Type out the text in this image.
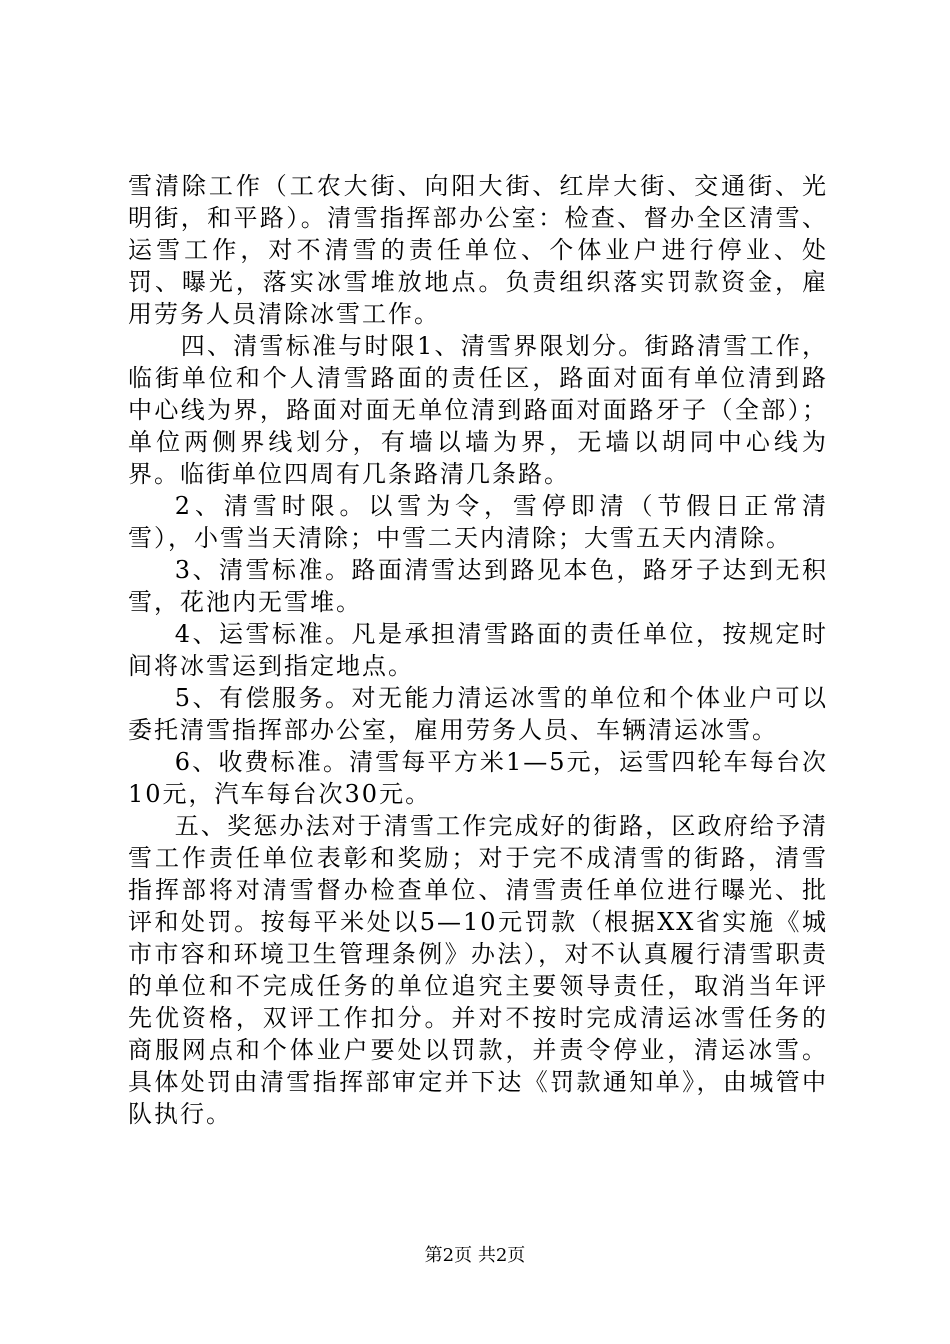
雪清除工作（工农大街、向阳大街、红岸大街、交通街、光明街，和平路）。清雪指挥部办公室：检查、督办全区清雪、运雪工作，对不清雪的责任单位、个体业户进行停业、处罚、曝光，落实冰雪堆放地点。负责组织落实罚款资金，雇用劳务人员清除冰雪工作。

四、清雪标准与时限1、清雪界限划分。街路清雪工作，临街单位和个人清雪路面的责任区，路面对面有单位清到路中心线为界，路面对面无单位清到路面对面路牙子（全部）；单位两侧界线划分，有墙以墙为界，无墙以胡同中心线为界。临街单位四周有几条路清几条路。

2、清雪时限。以雪为令，雪停即清（节假日正常清雪），小雪当天清除；中雪二天内清除；大雪五天内清除。

3、清雪标准。路面清雪达到路见本色，路牙子达到无积雪，花池内无雪堆。

4、运雪标准。凡是承担清雪路面的责任单位，按规定时间将冰雪运到指定地点。

5、有偿服务。对无能力清运冰雪的单位和个体业户可以委托清雪指挥部办公室，雇用劳务人员、车辆清运冰雪。

6、收费标准。清雪每平方米1—5元，运雪四轮车每台次10元，汽车每台次30元。

五、奖惩办法对于清雪工作完成好的街路，区政府给予清雪工作责任单位表彰和奖励；对于完不成清雪的街路，清雪指挥部将对清雪督办检查单位、清雪责任单位进行曝光、批评和处罚。按每平米处以5—10元罚款（根据XX省实施《城市市容和环境卫生管理条例》办法），对不认真履行清雪职责的单位和不完成任务的单位追究主要领导责任，取消当年评先优资格，双评工作扣分。并对不按时完成清运冰雪任务的商服网点和个体业户要处以罚款，并责令停业，清运冰雪。具体处罚由清雪指挥部审定并下达《罚款通知单》，由城管中队执行。

第2页 共2页
